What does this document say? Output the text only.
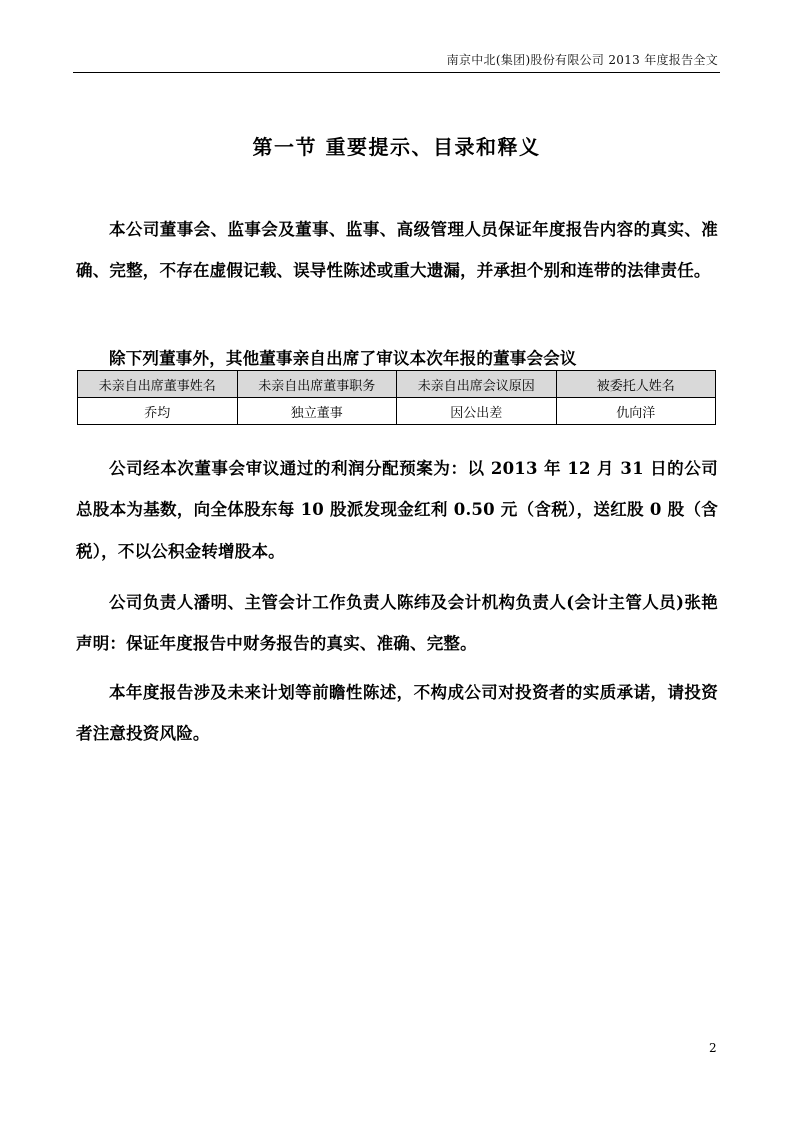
南京中北(集团)股份有限公司 2013 年度报告全文
第一节 重要提示、目录和释义

本公司董事会、监事会及董事、监事、高级管理人员保证年度报告内容的真实、准确、完整，不存在虚假记载、误导性陈述或重大遗漏，并承担个别和连带的法律责任。

除下列董事外，其他董事亲自出席了审议本次年报的董事会会议

未亲自出席董事姓名	未亲自出席董事职务	未亲自出席会议原因	被委托人姓名
乔均	独立董事	因公出差	仇向洋

公司经本次董事会审议通过的利润分配预案为：以 2013 年 12 月 31 日的公司总股本为基数，向全体股东每 10 股派发现金红利 0.50 元（含税），送红股 0 股（含税），不以公积金转增股本。

公司负责人潘明、主管会计工作负责人陈纬及会计机构负责人(会计主管人员)张艳声明：保证年度报告中财务报告的真实、准确、完整。

本年度报告涉及未来计划等前瞻性陈述，不构成公司对投资者的实质承诺，请投资者注意投资风险。

2
